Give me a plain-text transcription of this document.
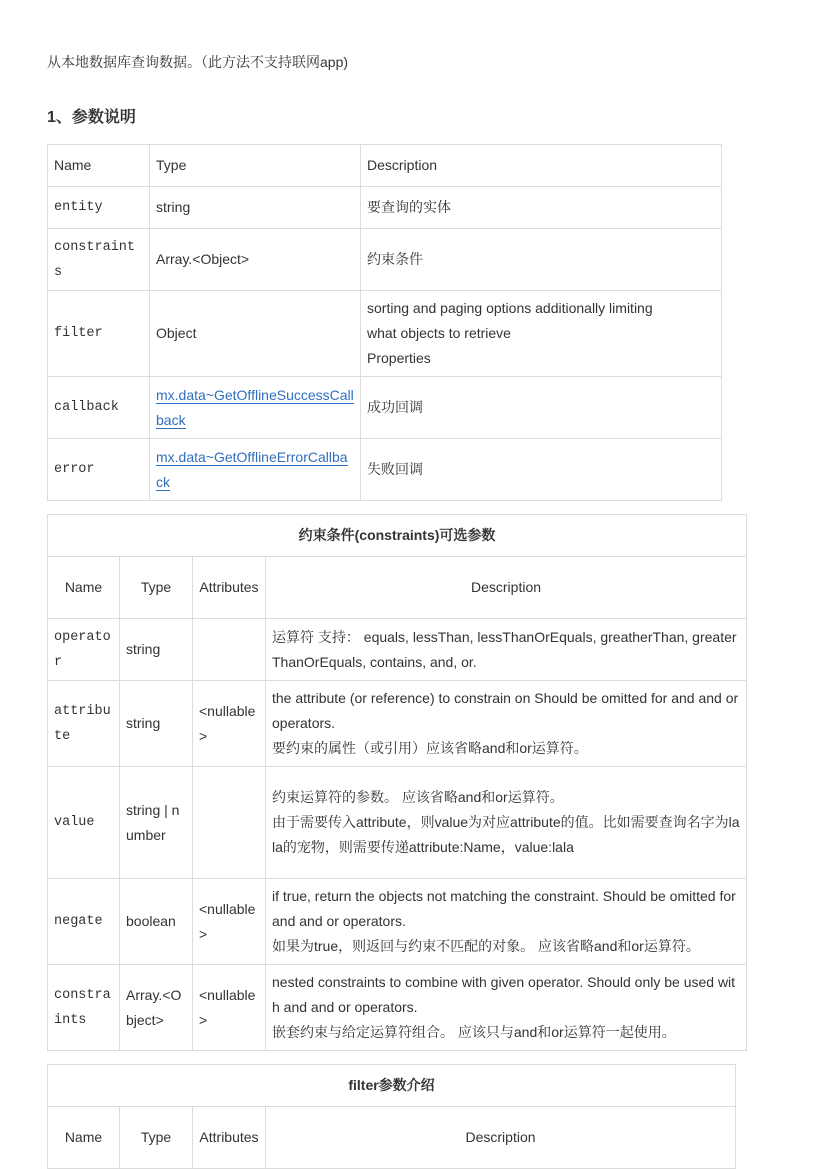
从本地数据库查询数据。（此方法不支持联网app)
1、参数说明
Name	Type	Description
entity	string	要查询的实体
constraints	Array.<Object>	约束条件
filter	Object	sorting and paging options additionally limiting
what objects to retrieve
Properties

callback	mx.data~GetOfflineSuccessCallback	成功回调
error	mx.data~GetOfflineErrorCallback	失败回调
约束条件(constraints)可选参数			
Name	Type	Attributes	Description
operator	string		运算符 支持： equals, lessThan, lessThanOrEquals, greatherThan, greaterThanOrEquals, contains, and, or.
attribute	string	<nullable>	the attribute (or reference) to constrain on Should be omitted for and and or operators.
要约束的属性（或引用）应该省略and和or运算符。

value	string | number		约束运算符的参数。 应该省略and和or运算符。
由于需要传入attribute，则value为对应attribute的值。比如需要查询名字为lala的宠物，则需要传递attribute:Name，value:lala

negate	boolean	<nullable>	if true, return the objects not matching the constraint. Should be omitted for and and or operators.
如果为true，则返回与约束不匹配的对象。 应该省略and和or运算符。

constraints	Array.<Object>	<nullable>	nested constraints to combine with given operator. Should only be used with and and or operators.
嵌套约束与给定运算符组合。 应该只与and和or运算符一起使用。
filter参数介绍
Name	Type	Attributes	Description
